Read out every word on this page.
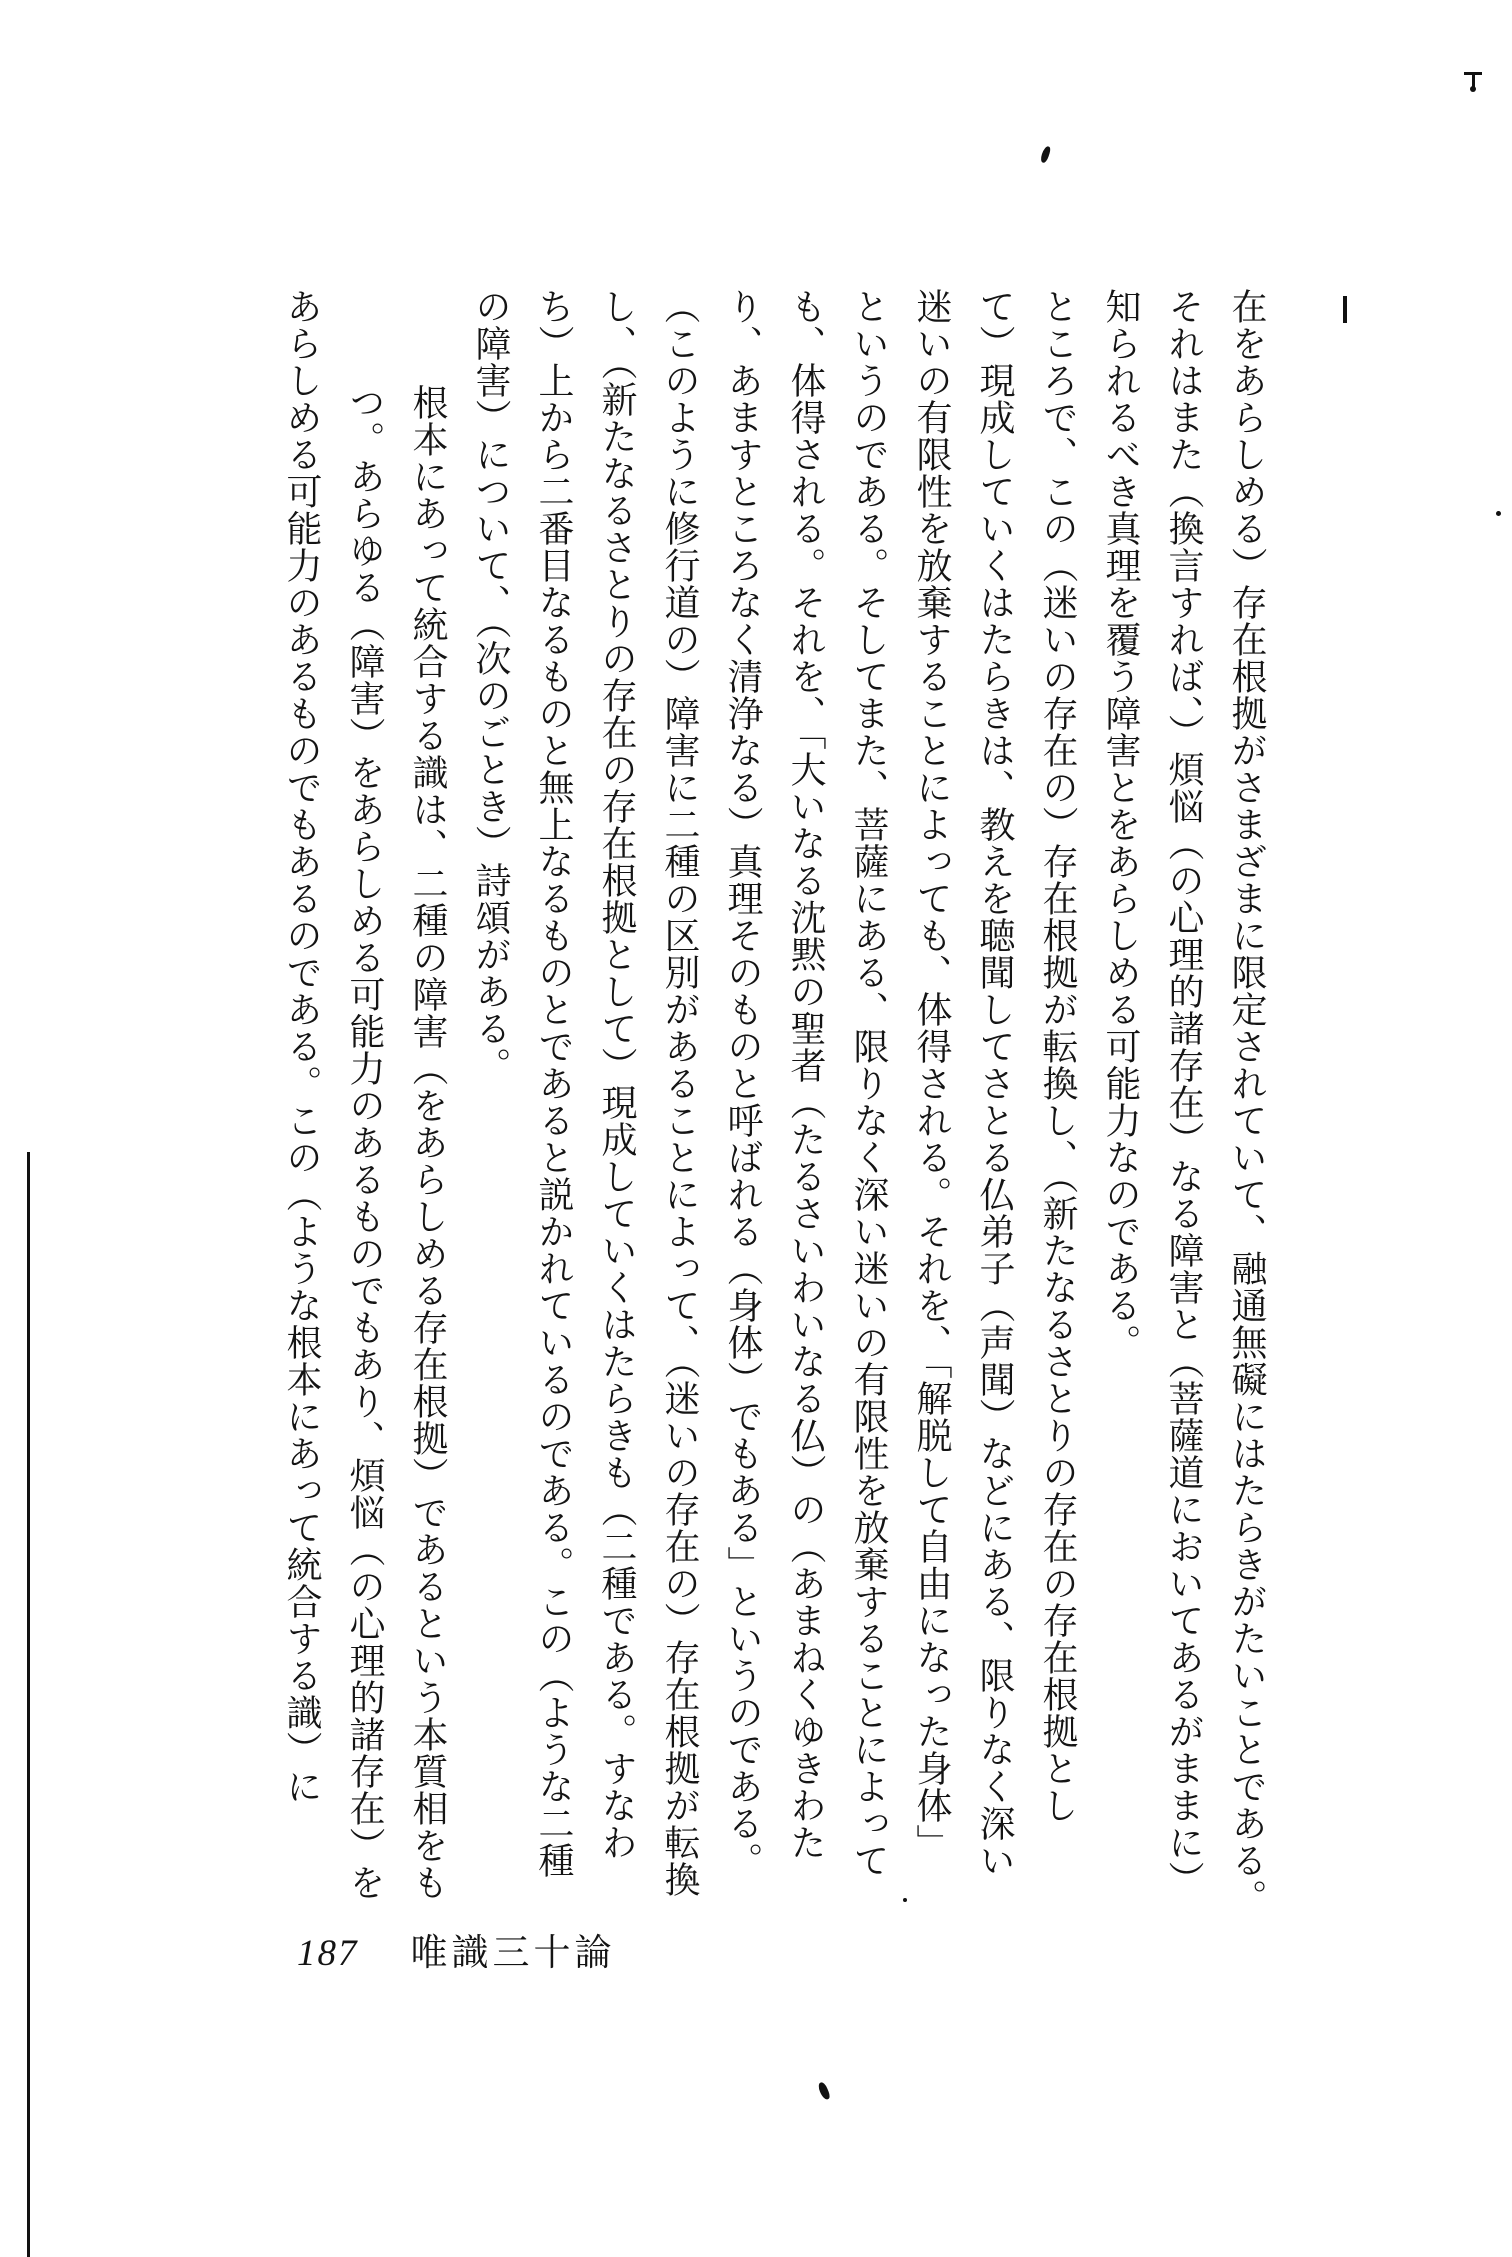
在をあらしめる）存在根拠がさまざまに限定されていて、融通無礙にはたらきがたいことである。
それはまた（換言すれば、）煩悩（の心理的諸存在）なる障害と（菩薩道においてあるがままに）
知られるべき真理を覆う障害とをあらしめる可能力なのである。
ところで、この（迷いの存在の）存在根拠が転換し、（新たなるさとりの存在の存在根拠とし
て）現成していくはたらきは、教えを聴聞してさとる仏弟子（声聞）などにある、限りなく深い
迷いの有限性を放棄することによっても、体得される。それを、「解脱して自由になった身体」
というのである。そしてまた、菩薩にある、限りなく深い迷いの有限性を放棄することによって
も、体得される。それを、「大いなる沈黙の聖者（たるさいわいなる仏）の（あまねくゆきわた
り、あますところなく清浄なる）真理そのものと呼ばれる（身体）でもある」というのである。
（このように修行道の）障害に二種の区別があることによって、（迷いの存在の）存在根拠が転換
し、（新たなるさとりの存在の存在根拠として）現成していくはたらきも（二種である。すなわ
ち）上から二番目なるものと無上なるものとであると説かれているのである。この（ような二種
の障害）について、（次のごとき）詩頌がある。
根本にあって統合する識は、二種の障害（をあらしめる存在根拠）であるという本質相をも
つ。あらゆる（障害）をあらしめる可能力のあるものでもあり、煩悩（の心理的諸存在）を
あらしめる可能力のあるものでもあるのである。この（ような根本にあって統合する識）に
187 唯識三十論
